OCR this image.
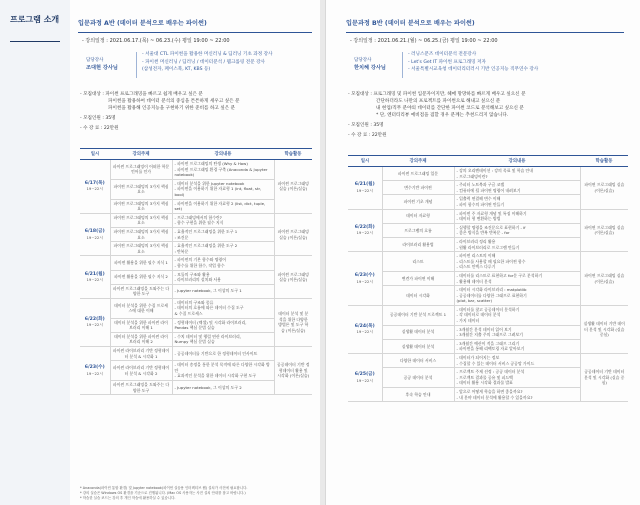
프로그램 소개	입문과정 A반 (데이터 분석으로 배우는 파이썬)
- 강의일정 : 2021.06.17.(목) ~ 06.23.(수) 평일 19:00 ~ 22:00
담당강사
조대현 강사님
- 서울대 CTL 파이썬을 활용한 머신러닝 & 딥러닝 기초 과정 강사
- 파이썬 머신러닝 / 딥러닝 / 데이터분석 / 웹크롤링 전문 강사
(삼성전자, 페이스북, KT, KBS 등)
- 모집대상 : 파이썬 프로그래밍을 빠르고 쉽게 배우고 싶은 분
파이썬을 활용하여 데이터 분석의 중심을 튼튼하게 세우고 싶은 분
파이썬을 활용해 인공지능을 구현하기 위한 준비를 하고 싶은 분
- 모집인원 : 35명
- 수 강 료 : 22만원
일시	강의주제	강의내용	학습활동

6/17(목)
19~22시	파이썬 프로그래밍이 어떠한 학문 언어를 인가	- 파이썬 프로그래밍의 탄생 (Why & How)
- 파이썬 프로그래밍 환경 구축 (Anaconda & Jupyter notebook)	파이썬 프로그래밍 실습 (이론/실습)
	파이썬 프로그래밍의 3가지 핵심 요소	- 데이터 분석을 위한 Jupyter notebook
- 파이썬을 이용하기 위한 자료형 1 (int, float, str, bool)	
	파이썬 프로그래밍의 3가지 핵심 요소	- 파이썬을 이용하기 위한 자료형 2 (list, dict, tuple, set)	

6/18(금)
19~22시	파이썬 프로그래밍의 3가지 핵심 요소	- 프로그래밍에서의 함수란?
- 함수 구현을 위한 필수 지식	파이썬 프로그래밍 실습 (이론/실습)
	파이썬 프로그래밍의 3가지 핵심 요소	- 효율적인 프로그래밍을 위한 도구 1
: 조건문	
	파이썬 프로그래밍의 3가지 핵심 요소	- 효율적인 프로그래밍을 위한 도구 2
: 반복문	

6/21(월)
19~22시	파이썬 활용을 위한 필수 지식 1	- 파이썬의 기본 함수와 명령어
- 함수를 위한 함수, 작업 함수	파이썬 프로그래밍 실습 (이론/실습)
	파이썬 활용을 위한 필수 지식 2	- 모듈의 구조와 활용
- 라이브러리의 설치와 사용	
	파이썬 프로그래밍을 도와주는 다양한 도구	- Jupyter notebook, 그 이상의 도구 1	

6/22(화)
19~22시	데이터 분석을 위한 수집 프로세스에 대한 이해	- 데이터의 구조와 종류
- 데이터의 흐름에 따른 데이터 수집 도구
& 수집 프로세스	데이터 분석 및 분석을 위한 다양한 방법론 및 도구 학습 (이론/실습)
	데이터 분석을 위한 파이썬 라이브러리 이해 1	- 정형데이터 (엑셀) 및 시각화 라이브러리,
Pandas 핵심 문법 실습	
	데이터 분석을 위한 파이썬 라이브러리 이해 2	- 수치 데이터 및 행렬 연산 라이브러리,
Numpy 핵심 문법 실습	

6/23(수)
19~22시	파이썬 라이브러리 기반 정형데이터 분석 & 시각화 1	- 공공데이터를 기반으로 한 정형데이터 인사이트	공공데이터 기반 정형데이터 활용 및 시각화 (이론/실습)
	파이썬 라이브러리 기반 정형데이터 분석 & 시각화 2	- 데이터 송정을 통한 분석 목적에 따른 다양한 시각화 방안
- 효과적인 분석을 위한 데이터 시각화 구현 도구	
	파이썬 프로그래밍을 도와주는 다양한 도구	- Jupyter notebook, 그 이상의 도구 2	
* Anaconda(파이썬 통합 환경) 및 Jupyter notebook(파이썬 실습용 인터렉티브 웹) 설치가 사전에 필요합니다.
* 강의 실습은 Windows OS 환경을 기준으로 진행됩니다. (Mac OS 사용자는 사전 설치 안내를 참고 바랍니다.)
* 학습한 실습 코드는 강의 후 개인 학습에 활용하실 수 있습니다.
입문과정 B반 (데이터 분석으로 배우는 파이썬)
- 강의일정 : 2021.06.21.(월) ~ 06.25.(금) 평일 19:00 ~ 22:00
담당강사
한치혜 강사님
- 러닝스푼즈 데이터분석 전문강사
- Let's Get IT 파이썬 프로그래밍 저자
- 서울특별시교육청 데이터리터러시 기반 인공지능 직무연수 강사
- 모집대상 : 프로그래밍 및 파이썬 입문자이지만, 헤매 망망하를 빠르게 배우고 싶으신 분
간단하더라도 나만의 프로젝트를 파이썬으로 해내고 싶으신 분
내 현업/직무 분야의 데이터를 간단한 파이썬 코드로 분석해보고 싶으신 분
* 단, 엔터티리뷰 예비점을 겸할 경우 분께는 추천드리지 않습니다.
- 모집인원 : 35명
- 수 강 료 : 22만원
일시	강의주제	강의내용	학습활동

6/21(월)
19~22시	파이썬 프로그래밍 입문	- 강의 오리엔테이션 : 강의 목표 및 학습 안내
- 프로그래밍이란?	파이썬 프로그래밍 실습 (이론/실습)
	변수기반 파이썬	- 주피터 노트북과 구글 코랩
- 컴퓨터에 될 파이썬 명령어 내려보기	
	파이썬 기초 개념	- 입출력 연결해 변수 이해
- 파이 함수의 파이썬 만들기	

6/22(화)
19~22시	데이터 자료형	- 파이썬 주 자료형 개념 및 특징 이해하기
- 데이터 형 변환하는 방법	파이썬 프로그래밍 실습 (이론/실습)
	프로그램의 흐름	- 실행할 명령을 조건문으로 표현하기 - if
- 좋은 방식을 반복 반복문 - for	
	라이브러리 활용법	- 라이브러리 정리 활용
- 원활 라이브러리로 프로그램 만들기	

6/23(수)
19~22시	리스트	- 파이썬 리스트의 이해
- 리스트를 사용할 때 필요한 파이썬 함수
- 리스트 인덱스 다루기	파이썬 프로그래밍 실습 (이론/실습)
	변견가 파이썬 이해	- 데이터를 리스트로 표현하고 for문 구로 분석하기
- 활용해 데이터 분석	
	데이터 시각화	- 데이터 시각화 라이브러리 : matplotlib
- 공공데이터를 다양한 그래프로 표현하기
(plot, bar, scatter)	

6/24(목)
19~22시	공공데이터 기반 분석 프로젝트 1	- 데이터를 찾고 공공데이터 분석하기
- 각 데이터로 데이터 분석
- 가지 데이터	실생활 데이터 기반 데이터 분석 및 시각화 (실습 중심)
	실생활 데이터 분석	- 3개월간 분석 데이터 읽어 보기
- 3개월간 지출 주의 그래프로 그려보기	
	실생활 데이터 분석	- 3개월간 예산이 적을 그래프 그리기
- 파이썬을 통해 리팩토링 자료 알아보기	

6/25(금)
19~22시	다양한 데이터 서비스	- 데이터가 되어지는 정보
- 수집할 수 있는 데이터 서비스 공공망 가이드	공공데이터 기반 데이터 분석 및 시각화 (실습 중심)
	공공 데이터 분석	- 프로젝트 주제 선정 : 공공 데이터 분석
- 프로젝트 결과물 공유 및 피드백
- 데이터 활용 시각화 결과물 발표	
	후속 학습 안내	- 앞으로 어떻게 학습을 하면 좋을까요?
- 내 분야 데이터 분석에 활용할 수 있을까요?	
